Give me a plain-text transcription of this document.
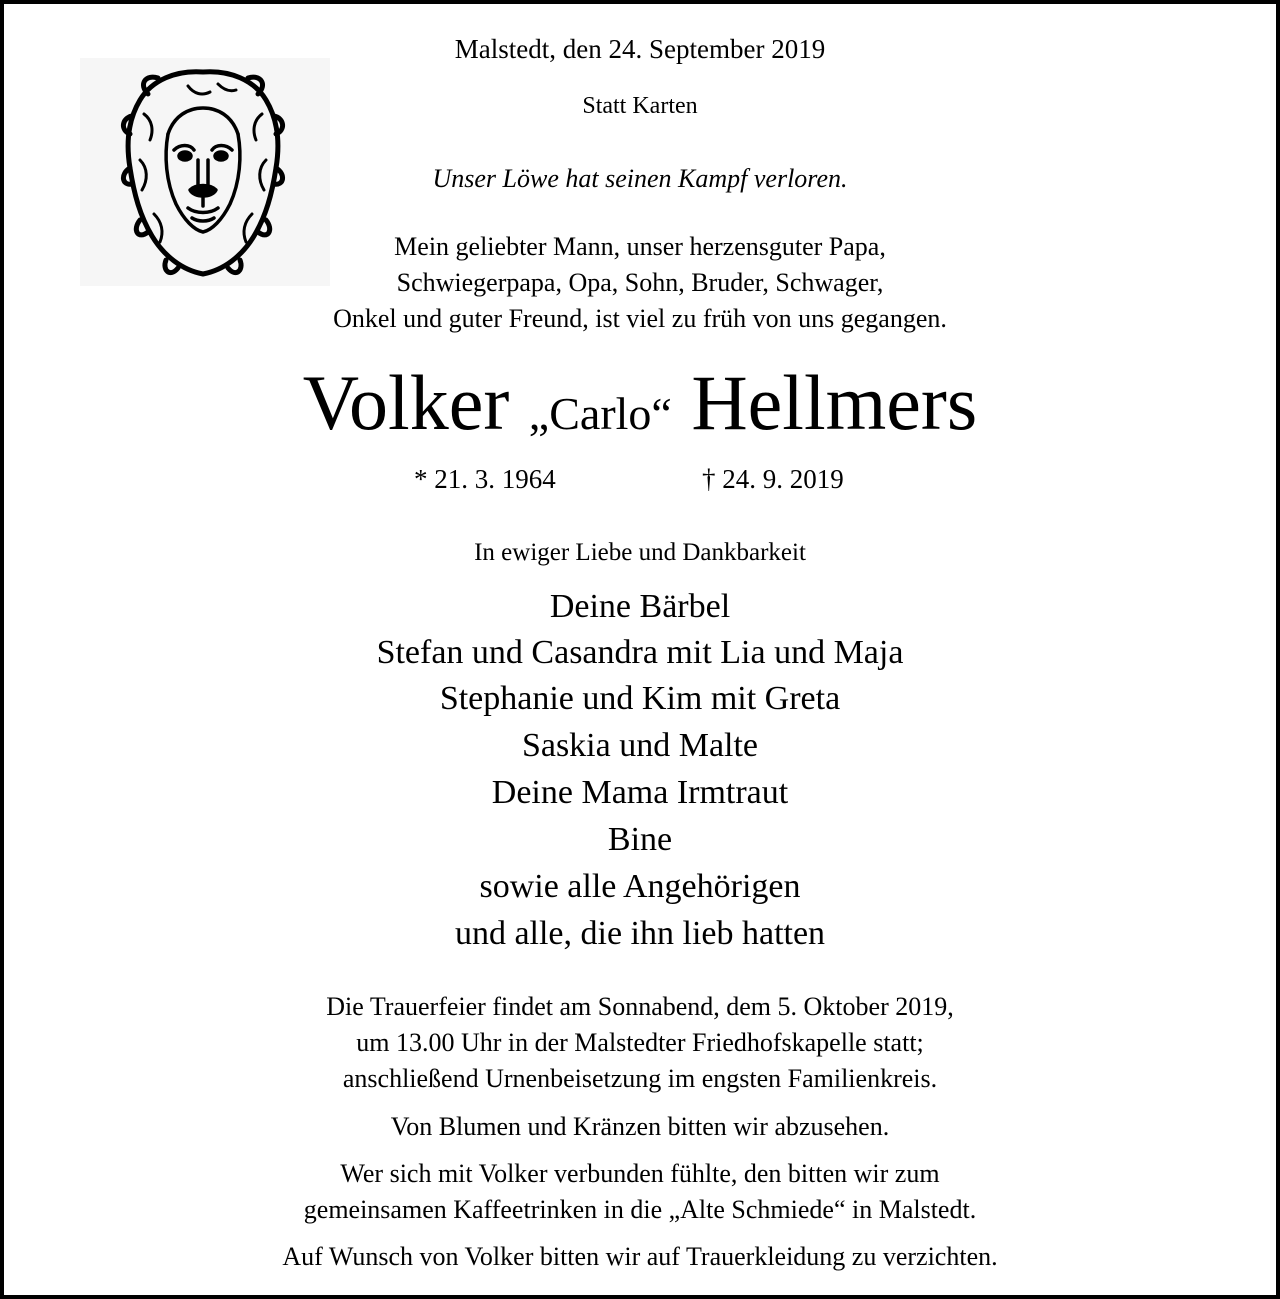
Malstedt, den 24. September 2019
Statt Karten
Unser Löwe hat seinen Kampf verloren.
Mein geliebter Mann, unser herzensguter Papa,
Schwiegerpapa, Opa, Sohn, Bruder, Schwager,
Onkel und guter Freund, ist viel zu früh von uns gegangen.
Volker „Carlo“ Hellmers
* 21. 3. 1964	† 24. 9. 2019
In ewiger Liebe und Dankbarkeit
Deine Bärbel
Stefan und Casandra mit Lia und Maja
Stephanie und Kim mit Greta
Saskia und Malte
Deine Mama Irmtraut
Bine
sowie alle Angehörigen
und alle, die ihn lieb hatten
Die Trauerfeier findet am Sonnabend, dem 5. Oktober 2019,
um 13.00 Uhr in der Malstedter Friedhofskapelle statt;
anschließend Urnenbeisetzung im engsten Familienkreis.
Von Blumen und Kränzen bitten wir abzusehen.
Wer sich mit Volker verbunden fühlte, den bitten wir zum
gemeinsamen Kaffeetrinken in die „Alte Schmiede“ in Malstedt.
Auf Wunsch von Volker bitten wir auf Trauerkleidung zu verzichten.
